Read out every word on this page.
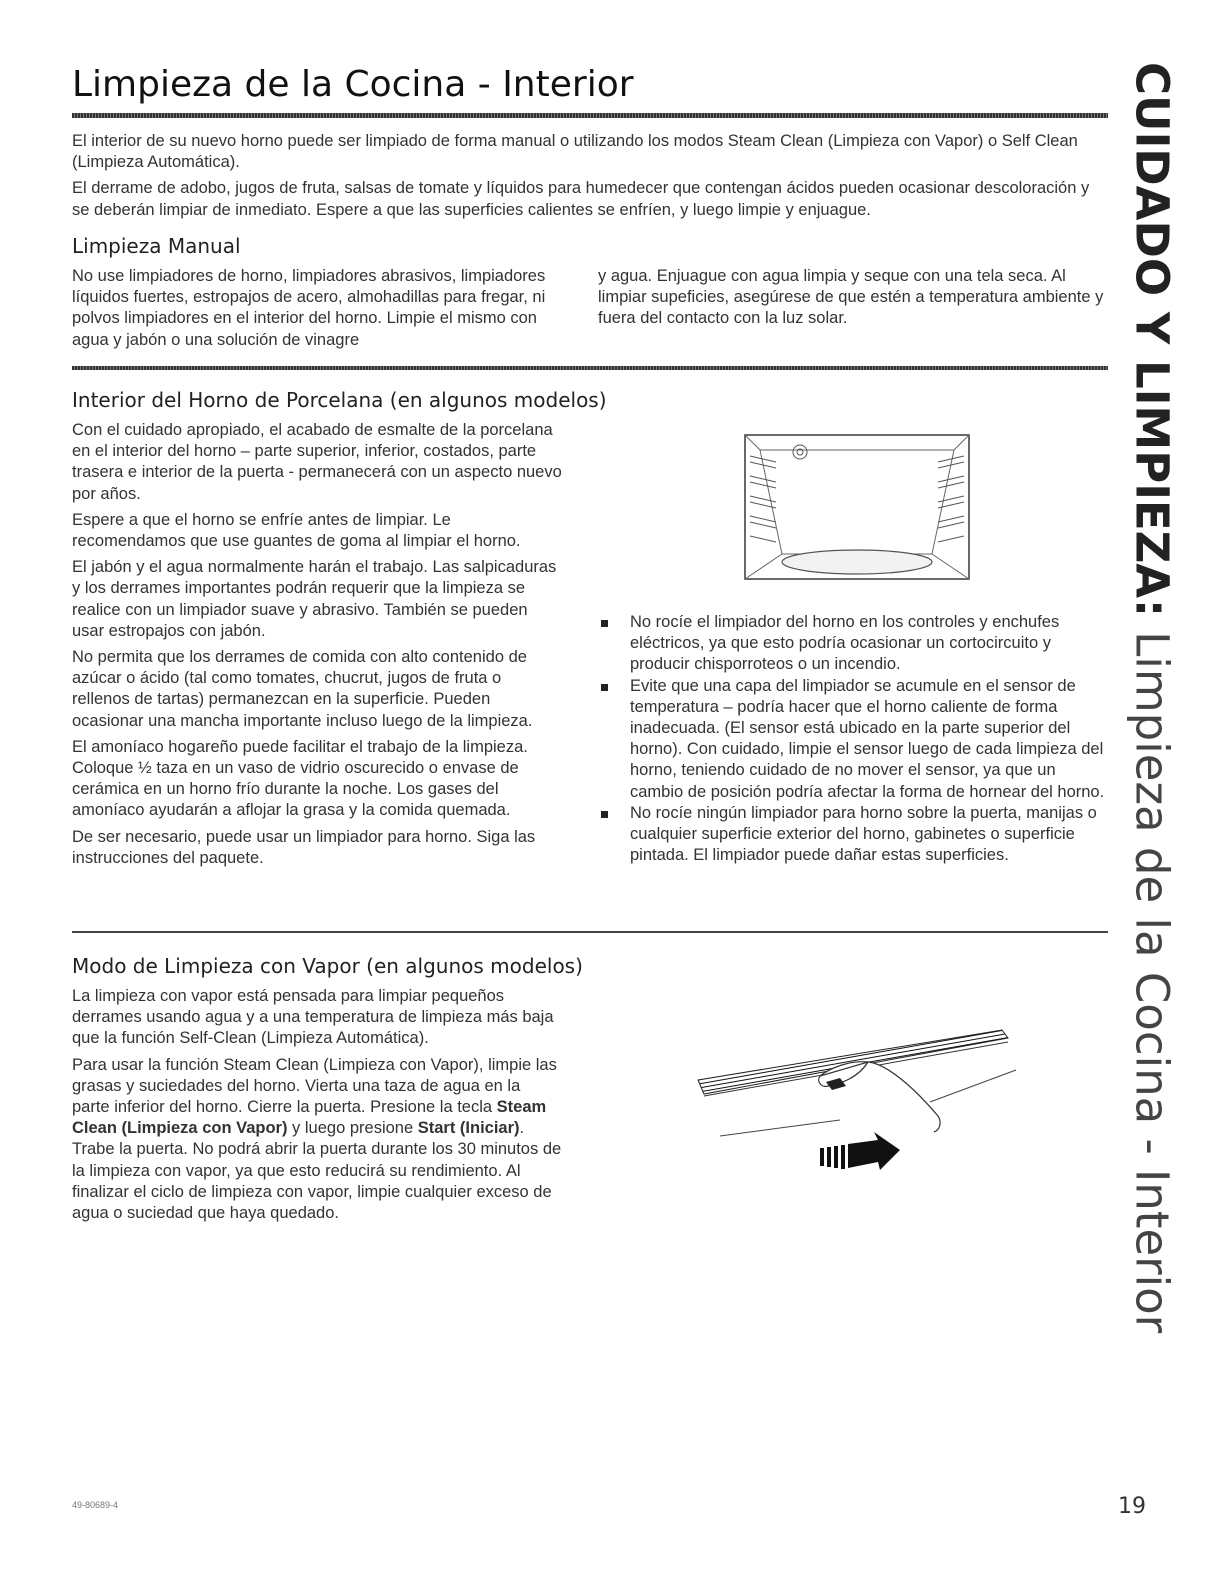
Limpieza de la Cocina - Interior

El interior de su nuevo horno puede ser limpiado de forma manual o utilizando los modos Steam Clean (Limpieza con Vapor) o Self Clean (Limpieza Automática).

El derrame de adobo, jugos de fruta, salsas de tomate y líquidos para humedecer que contengan ácidos pueden ocasionar descoloración y se deberán limpiar de inmediato. Espere a que las superficies calientes se enfríen, y luego limpie y enjuague.

Limpieza Manual
No use limpiadores de horno, limpiadores abrasivos, limpiadores líquidos fuertes, estropajos de acero, almohadillas para fregar, ni polvos limpiadores en el interior del horno. Limpie el mismo con agua y jabón o una solución de vinagre
y agua. Enjuague con agua limpia y seque con una tela seca. Al limpiar supeficies, asegúrese de que estén a temperatura ambiente y fuera del contacto con la luz solar.
Interior del Horno de Porcelana (en algunos modelos)

Con el cuidado apropiado, el acabado de esmalte de la porcelana en el interior del horno – parte superior, inferior, costados, parte trasera e interior de la puerta - permanecerá con un aspecto nuevo por años.

Espere a que el horno se enfríe antes de limpiar. Le recomendamos que use guantes de goma al limpiar el horno.

El jabón y el agua normalmente harán el trabajo. Las salpicaduras y los derrames importantes podrán requerir que la limpieza se realice con un limpiador suave y abrasivo. También se pueden usar estropajos con jabón.

No permita que los derrames de comida con alto contenido de azúcar o ácido (tal como tomates, chucrut, jugos de fruta o rellenos de tartas) permanezcan en la superficie. Pueden ocasionar una mancha importante incluso luego de la limpieza.

El amoníaco hogareño puede facilitar el trabajo de la limpieza. Coloque ½ taza en un vaso de vidrio oscurecido o envase de cerámica en un horno frío durante la noche. Los gases del amoníaco ayudarán a aflojar la grasa y la comida quemada.

De ser necesario, puede usar un limpiador para horno. Siga las instrucciones del paquete.

No rocíe el limpiador del horno en los controles y enchufes eléctricos, ya que esto podría ocasionar un cortocircuito y producir chisporroteos o un incendio.
Evite que una capa del limpiador se acumule en el sensor de temperatura – podría hacer que el horno caliente de forma inadecuada. (El sensor está ubicado en la parte superior del horno). Con cuidado, limpie el sensor luego de cada limpieza del horno, teniendo cuidado de no mover el sensor, ya que un cambio de posición podría afectar la forma de hornear del horno.
No rocíe ningún limpiador para horno sobre la puerta, manijas o cualquier superficie exterior del horno, gabinetes o superficie pintada. El limpiador puede dañar estas superficies.
Modo de Limpieza con Vapor (en algunos modelos)

La limpieza con vapor está pensada para limpiar pequeños derrames usando agua y a una temperatura de limpieza más baja que la función Self-Clean (Limpieza Automática).

Para usar la función Steam Clean (Limpieza con Vapor), limpie las grasas y suciedades del horno. Vierta una taza de agua en la parte inferior del horno. Cierre la puerta. Presione la tecla Steam Clean (Limpieza con Vapor) y luego presione Start (Iniciar). Trabe la puerta. No podrá abrir la puerta durante los 30 minutos de la limpieza con vapor, ya que esto reducirá su rendimiento. Al finalizar el ciclo de limpieza con vapor, limpie cualquier exceso de agua o suciedad que haya quedado.

CUIDADO Y LIMPIEZA: Limpieza de la Cocina - Interior
49-80689-4	19
